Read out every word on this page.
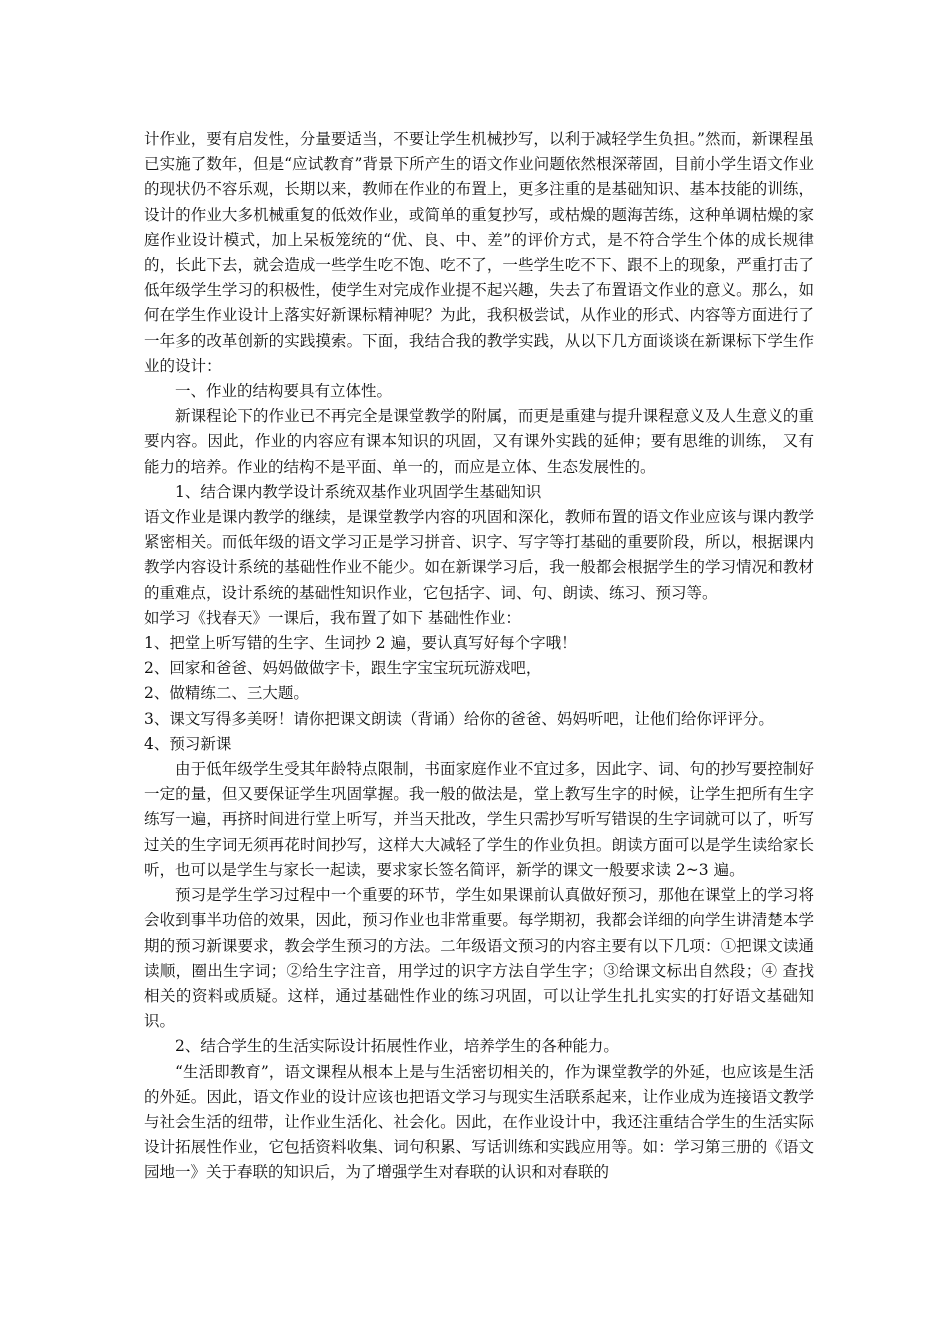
计作业，要有启发性，分量要适当，不要让学生机械抄写，以利于减轻学生负担。”然而，新课程虽已实施了数年，但是“应试教育”背景下所产生的语文作业问题依然根深蒂固，目前小学生语文作业的现状仍不容乐观，长期以来，教师在作业的布置上，更多注重的是基础知识、基本技能的训练，设计的作业大多机械重复的低效作业，或简单的重复抄写，或枯燥的题海苦练，这种单调枯燥的家庭作业设计模式，加上呆板笼统的“优、良、中、差”的评价方式，是不符合学生个体的成长规律的，长此下去，就会造成一些学生吃不饱、吃不了，一些学生吃不下、跟不上的现象，严重打击了低年级学生学习的积极性，使学生对完成作业提不起兴趣，失去了布置语文作业的意义。那么，如何在学生作业设计上落实好新课标精神呢？为此，我积极尝试，从作业的形式、内容等方面进行了一年多的改革创新的实践摸索。下面，我结合我的教学实践，从以下几方面谈谈在新课标下学生作业的设计：

一、作业的结构要具有立体性。

新课程论下的作业已不再完全是课堂教学的附属，而更是重建与提升课程意义及人生意义的重要内容。因此，作业的内容应有课本知识的巩固，又有课外实践的延伸；要有思维的训练， 又有能力的培养。作业的结构不是平面、单一的，而应是立体、生态发展性的。

1、结合课内教学设计系统双基作业巩固学生基础知识

语文作业是课内教学的继续，是课堂教学内容的巩固和深化，教师布置的语文作业应该与课内教学紧密相关。而低年级的语文学习正是学习拼音、识字、写字等打基础的重要阶段，所以，根据课内教学内容设计系统的基础性作业不能少。如在新课学习后，我一般都会根据学生的学习情况和教材的重难点，设计系统的基础性知识作业，它包括字、词、句、朗读、练习、预习等。

如学习《找春天》一课后，我布置了如下 基础性作业：

1、把堂上听写错的生字、生词抄 2 遍，要认真写好每个字哦！

2、回家和爸爸、妈妈做做字卡，跟生字宝宝玩玩游戏吧，

2、做精练二、三大题。

3、课文写得多美呀！请你把课文朗读（背诵）给你的爸爸、妈妈听吧，让他们给你评评分。

4、预习新课

由于低年级学生受其年龄特点限制，书面家庭作业不宜过多，因此字、词、句的抄写要控制好一定的量，但又要保证学生巩固掌握。我一般的做法是，堂上教写生字的时候，让学生把所有生字练写一遍，再挤时间进行堂上听写，并当天批改，学生只需抄写听写错误的生字词就可以了，听写过关的生字词无须再花时间抄写，这样大大减轻了学生的作业负担。朗读方面可以是学生读给家长听，也可以是学生与家长一起读，要求家长签名简评，新学的课文一般要求读 2~3 遍。

预习是学生学习过程中一个重要的环节，学生如果课前认真做好预习，那他在课堂上的学习将会收到事半功倍的效果，因此，预习作业也非常重要。每学期初，我都会详细的向学生讲清楚本学期的预习新课要求，教会学生预习的方法。二年级语文预习的内容主要有以下几项：①把课文读通读顺，圈出生字词；②给生字注音，用学过的识字方法自学生字；③给课文标出自然段；④ 查找相关的资料或质疑。这样，通过基础性作业的练习巩固，可以让学生扎扎实实的打好语文基础知识。

2、结合学生的生活实际设计拓展性作业，培养学生的各种能力。

“生活即教育”，语文课程从根本上是与生活密切相关的，作为课堂教学的外延，也应该是生活的外延。因此，语文作业的设计应该也把语文学习与现实生活联系起来，让作业成为连接语文教学与社会生活的纽带，让作业生活化、社会化。因此，在作业设计中，我还注重结合学生的生活实际设计拓展性作业，它包括资料收集、词句积累、写话训练和实践应用等。如：学习第三册的《语文园地一》关于春联的知识后，为了增强学生对春联的认识和对春联的
